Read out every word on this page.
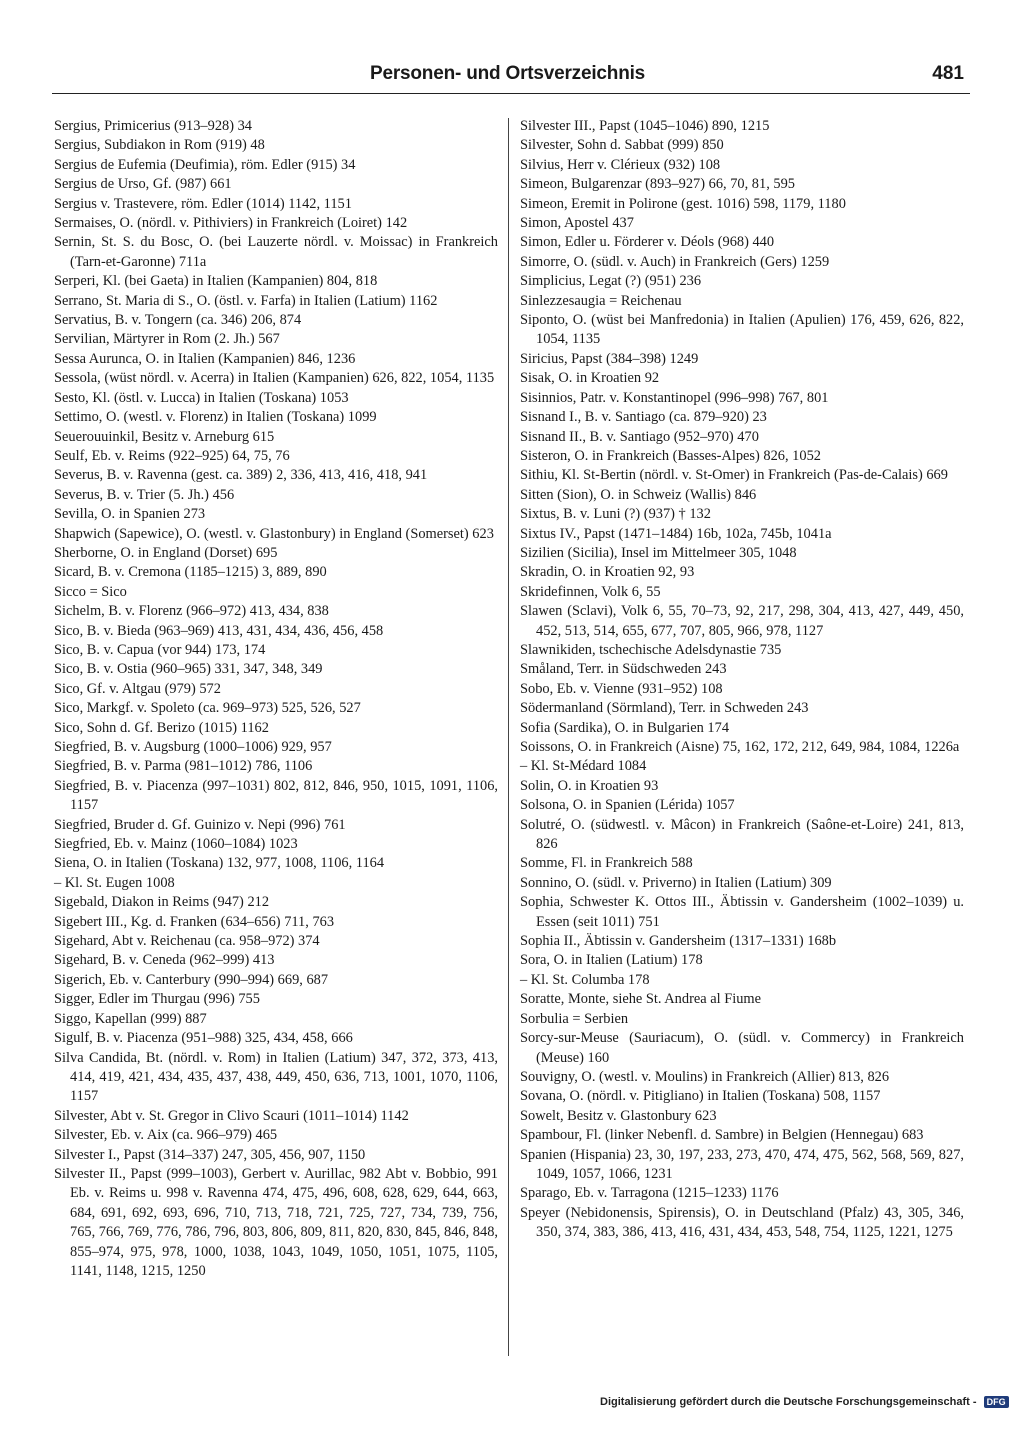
Personen- und Ortsverzeichnis	481

Sergius, Primicerius (913–928) 34

Sergius, Subdiakon in Rom (919) 48

Sergius de Eufemia (Deufimia), röm. Edler (915) 34

Sergius de Urso, Gf. (987) 661

Sergius v. Trastevere, röm. Edler (1014) 1142, 1151

Sermaises, O. (nördl. v. Pithiviers) in Frankreich (Loiret) 142

Sernin, St. S. du Bosc, O. (bei Lauzerte nördl. v. Moissac) in Frankreich (Tarn-et-Garonne) 711a

Serperi, Kl. (bei Gaeta) in Italien (Kampanien) 804, 818

Serrano, St. Maria di S., O. (östl. v. Farfa) in Italien (Latium) 1162

Servatius, B. v. Tongern (ca. 346) 206, 874

Servilian, Märtyrer in Rom (2. Jh.) 567

Sessa Aurunca, O. in Italien (Kampanien) 846, 1236

Sessola, (wüst nördl. v. Acerra) in Italien (Kampanien) 626, 822, 1054, 1135

Sesto, Kl. (östl. v. Lucca) in Italien (Toskana) 1053

Settimo, O. (westl. v. Florenz) in Italien (Toskana) 1099

Seuerouuinkil, Besitz v. Arneburg 615

Seulf, Eb. v. Reims (922–925) 64, 75, 76

Severus, B. v. Ravenna (gest. ca. 389) 2, 336, 413, 416, 418, 941

Severus, B. v. Trier (5. Jh.) 456

Sevilla, O. in Spanien 273

Shapwich (Sapewice), O. (westl. v. Glastonbury) in England (Somerset) 623

Sherborne, O. in England (Dorset) 695

Sicard, B. v. Cremona (1185–1215) 3, 889, 890

Sicco = Sico

Sichelm, B. v. Florenz (966–972) 413, 434, 838

Sico, B. v. Bieda (963–969) 413, 431, 434, 436, 456, 458

Sico, B. v. Capua (vor 944) 173, 174

Sico, B. v. Ostia (960–965) 331, 347, 348, 349

Sico, Gf. v. Altgau (979) 572

Sico, Markgf. v. Spoleto (ca. 969–973) 525, 526, 527

Sico, Sohn d. Gf. Berizo (1015) 1162

Siegfried, B. v. Augsburg (1000–1006) 929, 957

Siegfried, B. v. Parma (981–1012) 786, 1106

Siegfried, B. v. Piacenza (997–1031) 802, 812, 846, 950, 1015, 1091, 1106, 1157

Siegfried, Bruder d. Gf. Guinizo v. Nepi (996) 761

Siegfried, Eb. v. Mainz (1060–1084) 1023

Siena, O. in Italien (Toskana) 132, 977, 1008, 1106, 1164

– Kl. St. Eugen 1008

Sigebald, Diakon in Reims (947) 212

Sigebert III., Kg. d. Franken (634–656) 711, 763

Sigehard, Abt v. Reichenau (ca. 958–972) 374

Sigehard, B. v. Ceneda (962–999) 413

Sigerich, Eb. v. Canterbury (990–994) 669, 687

Sigger, Edler im Thurgau (996) 755

Siggo, Kapellan (999) 887

Sigulf, B. v. Piacenza (951–988) 325, 434, 458, 666

Silva Candida, Bt. (nördl. v. Rom) in Italien (Latium) 347, 372, 373, 413, 414, 419, 421, 434, 435, 437, 438, 449, 450, 636, 713, 1001, 1070, 1106, 1157

Silvester, Abt v. St. Gregor in Clivo Scauri (1011–1014) 1142

Silvester, Eb. v. Aix (ca. 966–979) 465

Silvester I., Papst (314–337) 247, 305, 456, 907, 1150

Silvester II., Papst (999–1003), Gerbert v. Aurillac, 982 Abt v. Bobbio, 991 Eb. v. Reims u. 998 v. Ravenna 474, 475, 496, 608, 628, 629, 644, 663, 684, 691, 692, 693, 696, 710, 713, 718, 721, 725, 727, 734, 739, 756, 765, 766, 769, 776, 786, 796, 803, 806, 809, 811, 820, 830, 845, 846, 848, 855–974, 975, 978, 1000, 1038, 1043, 1049, 1050, 1051, 1075, 1105, 1141, 1148, 1215, 1250

Silvester III., Papst (1045–1046) 890, 1215

Silvester, Sohn d. Sabbat (999) 850

Silvius, Herr v. Clérieux (932) 108

Simeon, Bulgarenzar (893–927) 66, 70, 81, 595

Simeon, Eremit in Polirone (gest. 1016) 598, 1179, 1180

Simon, Apostel 437

Simon, Edler u. Förderer v. Déols (968) 440

Simorre, O. (südl. v. Auch) in Frankreich (Gers) 1259

Simplicius, Legat (?) (951) 236

Sinlezzesaugia = Reichenau

Siponto, O. (wüst bei Manfredonia) in Italien (Apulien) 176, 459, 626, 822, 1054, 1135

Siricius, Papst (384–398) 1249

Sisak, O. in Kroatien 92

Sisinnios, Patr. v. Konstantinopel (996–998) 767, 801

Sisnand I., B. v. Santiago (ca. 879–920) 23

Sisnand II., B. v. Santiago (952–970) 470

Sisteron, O. in Frankreich (Basses-Alpes) 826, 1052

Sithiu, Kl. St-Bertin (nördl. v. St-Omer) in Frankreich (Pas-de-Calais) 669

Sitten (Sion), O. in Schweiz (Wallis) 846

Sixtus, B. v. Luni (?) (937) † 132

Sixtus IV., Papst (1471–1484) 16b, 102a, 745b, 1041a

Sizilien (Sicilia), Insel im Mittelmeer 305, 1048

Skradin, O. in Kroatien 92, 93

Skridefinnen, Volk 6, 55

Slawen (Sclavi), Volk 6, 55, 70–73, 92, 217, 298, 304, 413, 427, 449, 450, 452, 513, 514, 655, 677, 707, 805, 966, 978, 1127

Slawnikiden, tschechische Adelsdynastie 735

Småland, Terr. in Südschweden 243

Sobo, Eb. v. Vienne (931–952) 108

Södermanland (Sörmland), Terr. in Schweden 243

Sofia (Sardika), O. in Bulgarien 174

Soissons, O. in Frankreich (Aisne) 75, 162, 172, 212, 649, 984, 1084, 1226a

– Kl. St-Médard 1084

Solin, O. in Kroatien 93

Solsona, O. in Spanien (Lérida) 1057

Solutré, O. (südwestl. v. Mâcon) in Frankreich (Saône-et-Loire) 241, 813, 826

Somme, Fl. in Frankreich 588

Sonnino, O. (südl. v. Priverno) in Italien (Latium) 309

Sophia, Schwester K. Ottos III., Äbtissin v. Gandersheim (1002–1039) u. Essen (seit 1011) 751

Sophia II., Äbtissin v. Gandersheim (1317–1331) 168b

Sora, O. in Italien (Latium) 178

– Kl. St. Columba 178

Soratte, Monte, siehe St. Andrea al Fiume

Sorbulia = Serbien

Sorcy-sur-Meuse (Sauriacum), O. (südl. v. Commercy) in Frankreich (Meuse) 160

Souvigny, O. (westl. v. Moulins) in Frankreich (Allier) 813, 826

Sovana, O. (nördl. v. Pitigliano) in Italien (Toskana) 508, 1157

Sowelt, Besitz v. Glastonbury 623

Spambour, Fl. (linker Nebenfl. d. Sambre) in Belgien (Hennegau) 683

Spanien (Hispania) 23, 30, 197, 233, 273, 470, 474, 475, 562, 568, 569, 827, 1049, 1057, 1066, 1231

Sparago, Eb. v. Tarragona (1215–1233) 1176

Speyer (Nebidonensis, Spirensis), O. in Deutschland (Pfalz) 43, 305, 346, 350, 374, 383, 386, 413, 416, 431, 434, 453, 548, 754, 1125, 1221, 1275

Digitalisierung gefördert durch die Deutsche Forschungsgemeinschaft - DFG
